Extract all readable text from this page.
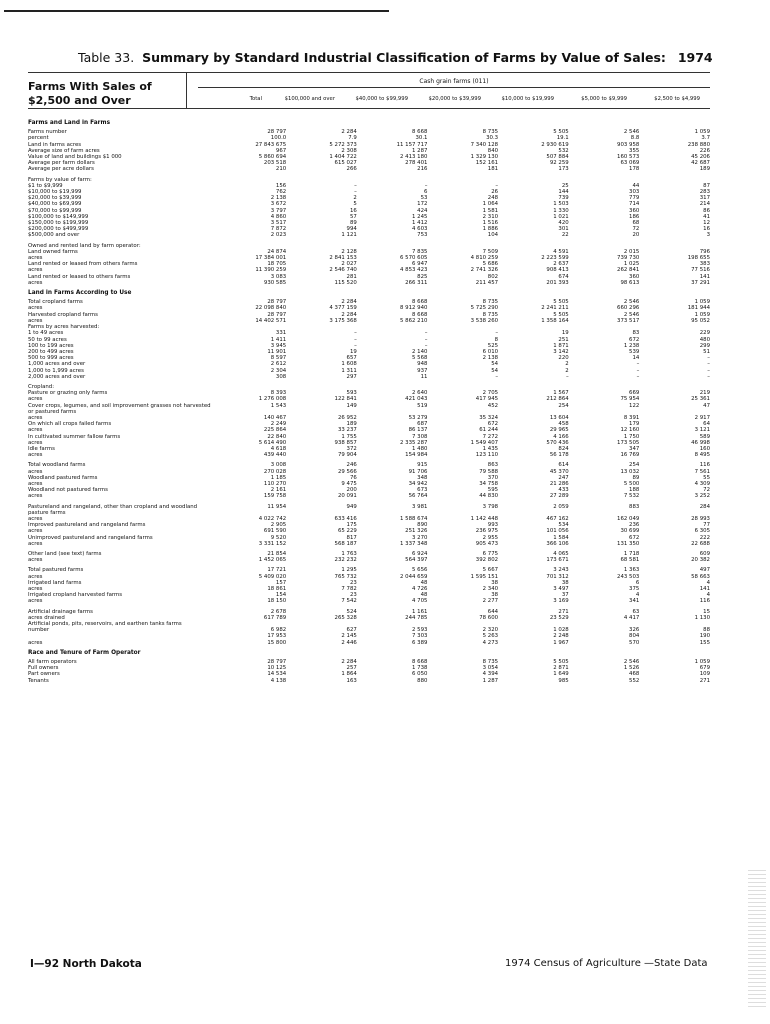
Table 33. Summary by Standard Industrial Classification of Farms by Value of Sales: 1974
Farms With Sales of $2,500 and Over
Cash grain farms (011)
Total	$100,000 and over	$40,000 to $99,999	$20,000 to $39,999	$10,000 to $19,999	$5,000 to $9,999	$2,500 to $4,999
Farms and Land in Farms							
Farms number	28 797	2 284	8 668	8 735	5 505	2 546	1 059
percent	100.0	7.9	30.1	30.3	19.1	8.8	3.7
Land in farms acres	27 843 675	5 272 373	11 157 717	7 340 128	2 930 619	903 958	238 880
Average size of farm acres	967	2 308	1 287	840	532	355	226
Value of land and buildings $1 000	5 860 694	1 404 722	2 413 180	1 329 130	507 884	160 573	45 206
Average per farm dollars	203 518	615 027	278 401	152 161	92 259	63 069	42 687
Average per acre dollars	210	266	216	181	173	178	189

Farms by value of farm:							
$1 to $9,999	156	–	–	–	25	44	87
$10,000 to $19,999	762	–	6	26	144	303	283
$20,000 to $39,999	2 138	2	53	248	739	779	317
$40,000 to $69,999	3 672	5	172	1 064	1 503	714	214
$70,000 to $99,999	3 797	16	424	1 581	1 330	360	86
$100,000 to $149,999	4 860	57	1 245	2 310	1 021	186	41
$150,000 to $199,999	3 517	89	1 412	1 516	420	68	12
$200,000 to $499,999	7 872	994	4 603	1 886	301	72	16
$500,000 and over	2 023	1 121	753	104	22	20	3

Owned and rented land by farm operator:							
Land owned farms	24 874	2 128	7 835	7 509	4 591	2 015	796
acres	17 384 001	2 841 153	6 570 605	4 810 259	2 223 599	739 730	198 655
Land rented or leased from others farms	18 705	2 027	6 947	5 686	2 637	1 025	383
acres	11 390 259	2 546 740	4 853 423	2 741 326	908 413	262 841	77 516
Land rented or leased to others farms	3 083	281	825	802	674	360	141
acres	930 585	115 520	266 311	211 457	201 393	98 613	37 291
Land in Farms According to Use							
Total cropland farms	28 797	2 284	8 668	8 735	5 505	2 546	1 059
acres	22 098 840	4 377 159	8 912 940	5 725 290	2 241 211	660 296	181 944
Harvested cropland farms	28 797	2 284	8 668	8 735	5 505	2 546	1 059
acres	14 402 571	3 175 368	5 862 210	3 538 260	1 358 164	373 517	95 052
Farms by acres harvested:							
1 to 49 acres	331	–	–	–	19	83	229
50 to 99 acres	1 411	–	–	8	251	672	480
100 to 199 acres	3 945	–	–	525	1 871	1 238	299
200 to 499 acres	11 901	19	2 140	6 010	3 142	539	51
500 to 999 acres	8 597	657	5 568	2 138	220	14	–
1,000 acres and over	2 612	1 608	948	54	2	–	–
1,000 to 1,999 acres	2 304	1 311	937	54	2	–	–
2,000 acres and over	308	297	11	–	–	–	–

Cropland:							
Pasture or grazing only farms	8 393	593	2 640	2 705	1 567	669	219
acres	1 276 008	122 841	421 043	417 945	212 864	75 954	25 361
Cover crops, legumes, and soil improvement grasses not harvested or pastured farms	1 543	149	519	452	254	122	47
acres	140 467	26 952	53 279	35 324	13 604	8 391	2 917
On which all crops failed farms	2 249	189	687	672	458	179	64
acres	225 864	33 237	86 137	61 244	29 965	12 160	3 121
In cultivated summer fallow farms	22 840	1 755	7 308	7 272	4 166	1 750	589
acres	5 614 490	938 857	2 335 287	1 549 407	570 436	173 505	46 998
Idle farms	4 618	372	1 480	1 435	824	347	160
acres	439 440	79 904	154 984	123 110	56 178	16 769	8 495

Total woodland farms	3 008	246	915	863	614	254	116
acres	270 028	29 566	91 706	79 588	45 370	13 032	7 561
Woodland pastured farms	1 185	76	348	370	247	89	55
acres	110 270	9 475	34 942	34 758	21 286	5 500	4 309
Woodland not pastured farms	2 161	200	673	595	433	188	72
acres	159 758	20 091	56 764	44 830	27 289	7 532	3 252

Pastureland and rangeland, other than cropland and woodland pasture farms	11 954	949	3 981	3 798	2 059	883	284
acres	4 022 742	633 416	1 588 674	1 142 448	467 162	162 049	28 993
Improved pastureland and rangeland farms	2 905	175	890	993	534	236	77
acres	691 590	65 229	251 326	236 975	101 056	30 699	6 305
Unimproved pastureland and rangeland farms	9 520	817	3 270	2 955	1 584	672	222
acres	3 331 152	568 187	1 337 348	905 473	366 106	131 350	22 688

Other land (see text) farms	21 854	1 763	6 924	6 775	4 065	1 718	609
acres	1 452 065	232 232	564 397	392 802	173 671	68 581	20 382

Total pastured farms	17 721	1 295	5 656	5 667	3 243	1 363	497
acres	5 409 020	765 732	2 044 659	1 595 151	701 312	243 503	58 663
Irrigated land farms	157	23	48	38	38	6	4
acres	18 861	7 782	4 726	2 340	3 497	375	141
Irrigated cropland harvested farms	154	23	48	38	37	4	4
acres	18 150	7 542	4 705	2 277	3 169	341	116

Artificial drainage farms	2 678	524	1 161	644	271	63	15
acres drained	617 789	265 328	244 785	78 600	23 529	4 417	1 130
Artificial ponds, pits, reservoirs, and earthen tanks farms							
number	6 982	627	2 593	2 320	1 028	326	88
	17 953	2 145	7 303	5 263	2 248	804	190
acres	15 800	2 446	6 389	4 273	1 967	570	155
Race and Tenure of Farm Operator							
All farm operators	28 797	2 284	8 668	8 735	5 505	2 546	1 059
Full owners	10 125	257	1 738	3 054	2 871	1 526	679
Part owners	14 534	1 864	6 050	4 394	1 649	468	109
Tenants	4 138	163	880	1 287	985	552	271
I—92 North Dakota	1974 Census of Agriculture —State Data
